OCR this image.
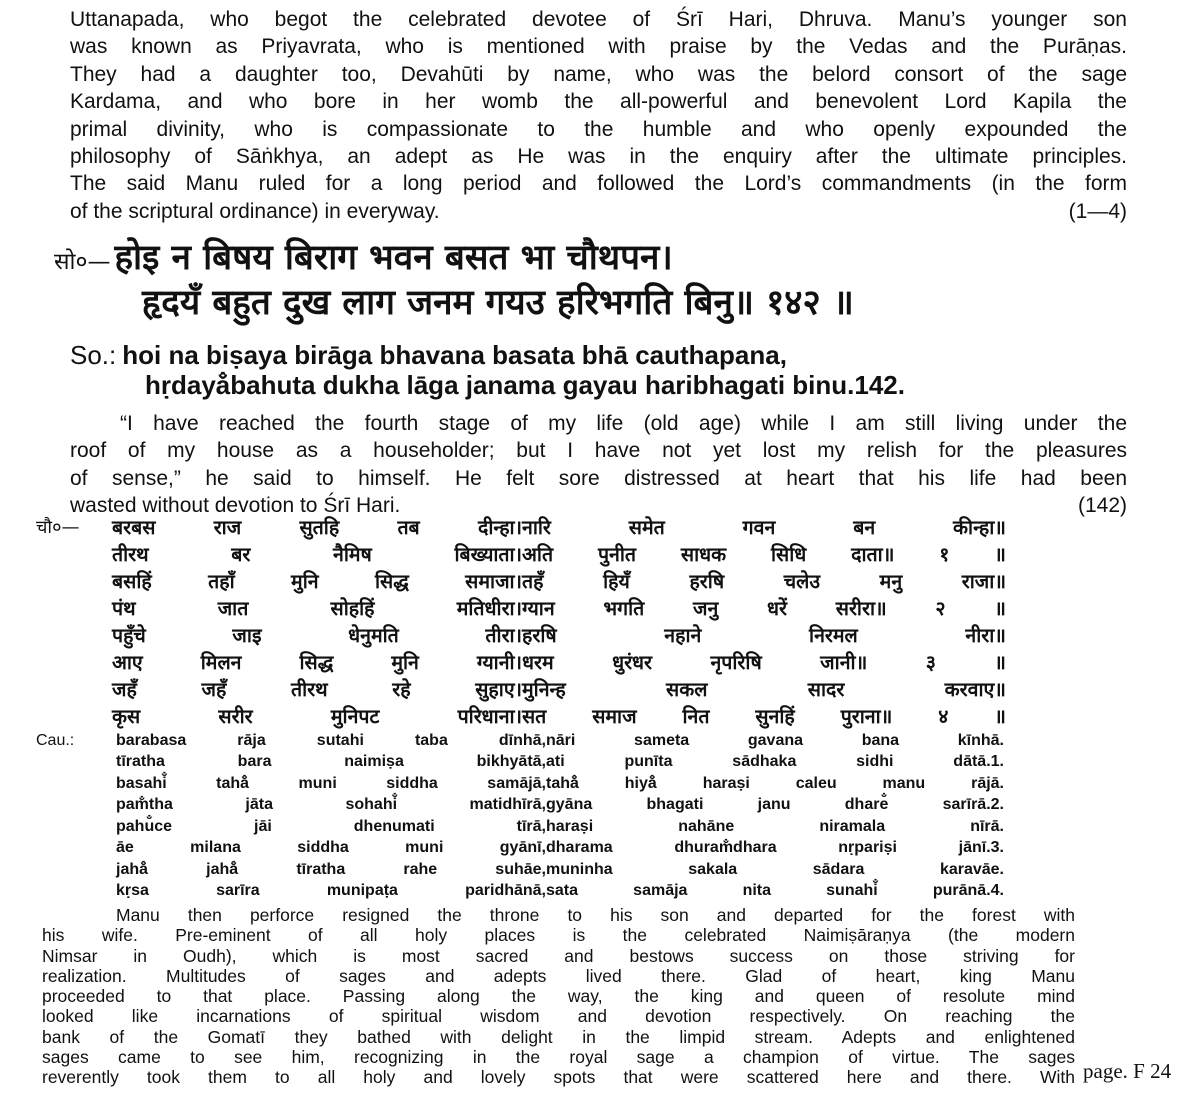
Uttanapada, who begot the celebrated devotee of Śrī Hari, Dhruva. Manu’s younger son
was known as Priyavrata, who is mentioned with praise by the Vedas and the Purāṇas.
They had a daughter too, Devahūti by name, who was the belord consort of the sage
Kardama, and who bore in her womb the all-powerful and benevolent Lord Kapila the
primal divinity, who is compassionate to the humble and who openly expounded the
philosophy of Sāṅkhya, an adept as He was in the enquiry after the ultimate principles.
The said Manu ruled for a long period and followed the Lord’s commandments (in the form
of the scriptural ordinance) in everyway.	(1—4)
सो०— होइ न बिषय बिराग भवन बसत भा चौथपन।
हृदयँ बहुत दुख लाग जनम गयउ हरिभगति बिनु॥ १४२ ॥
So.: hoi na biṣaya birāga bhavana basata bhā cauthapana,
hṛdayå̐bahuta dukha lāga janama gayau haribhagati binu.142.
“I have reached the fourth stage of my life (old age) while I am still living under the
roof of my house as a householder; but I have not yet lost my relish for the pleasures
of sense,” he said to himself. He felt sore distressed at heart that his life had been
wasted without devotion to Śrī Hari.	(142)
चौ०—	बरबस राज सुतहि तब दीन्हा।	नारि समेत गवन बन कीन्हा॥
	तीरथ बर नैमिष बिख्याता।	अति पुनीत साधक सिधि दाता॥ १ ॥
	बसहिं तहाँ मुनि सिद्ध समाजा।	तहँ हियँ हरषि चलेउ मनु राजा॥
	पंथ जात सोहहिं मतिधीरा।	ग्यान भगति जनु धरें सरीरा॥ २ ॥
	पहुँचे जाइ धेनुमति तीरा।	हरषि नहाने निरमल नीरा॥
	आए मिलन सिद्ध मुनि ग्यानी।	धरम धुरंधर नृपरिषि जानी॥ ३ ॥
	जहँ जहँ तीरथ रहे सुहाए।	मुनिन्ह सकल सादर करवाए॥
	कृस सरीर मुनिपट परिधाना।	सत समाज नित सुनहिं पुराना॥ ४ ॥
Cau.:	barabasa rāja sutahi taba dīnhā,	nāri sameta gavana bana kīnhā.
	tīratha bara naimiṣa bikhyātā,	ati punīta sādhaka sidhi dātā.1.
	basahi̐ tahå̐ muni siddha samājā,	tahå̐ hiyå̐ haraṣi caleu manu rājā.
	pam̐tha jāta sohahi̐ matidhīrā,	gyāna bhagati janu dhare̐ sarīrā.2.
	pahu̐ce jāi dhenumati tīrā,	haraṣi nahāne niramala nīrā.
	āe milana siddha muni gyānī,	dharama dhuram̐dhara nṛpariṣi jānī.3.
	jahå̐ jahå̐ tīratha rahe suhāe,	muninha sakala sādara karavāe.
	kṛsa sarīra munipaṭa paridhānā,	sata samāja nita sunahi̐ purānā.4.
Manu then perforce resigned the throne to his son and departed for the forest with
his wife. Pre-eminent of all holy places is the celebrated Naimiṣāraṇya (the modern
Nimsar in Oudh), which is most sacred and bestows success on those striving for
realization. Multitudes of sages and adepts lived there. Glad of heart, king Manu
proceeded to that place. Passing along the way, the king and queen of resolute mind
looked like incarnations of spiritual wisdom and devotion respectively. On reaching the
bank of the Gomatī they bathed with delight in the limpid stream. Adepts and enlightened
sages came to see him, recognizing in the royal sage a champion of virtue. The sages
reverently took them to all holy and lovely spots that were scattered here and there. With page. F 24
